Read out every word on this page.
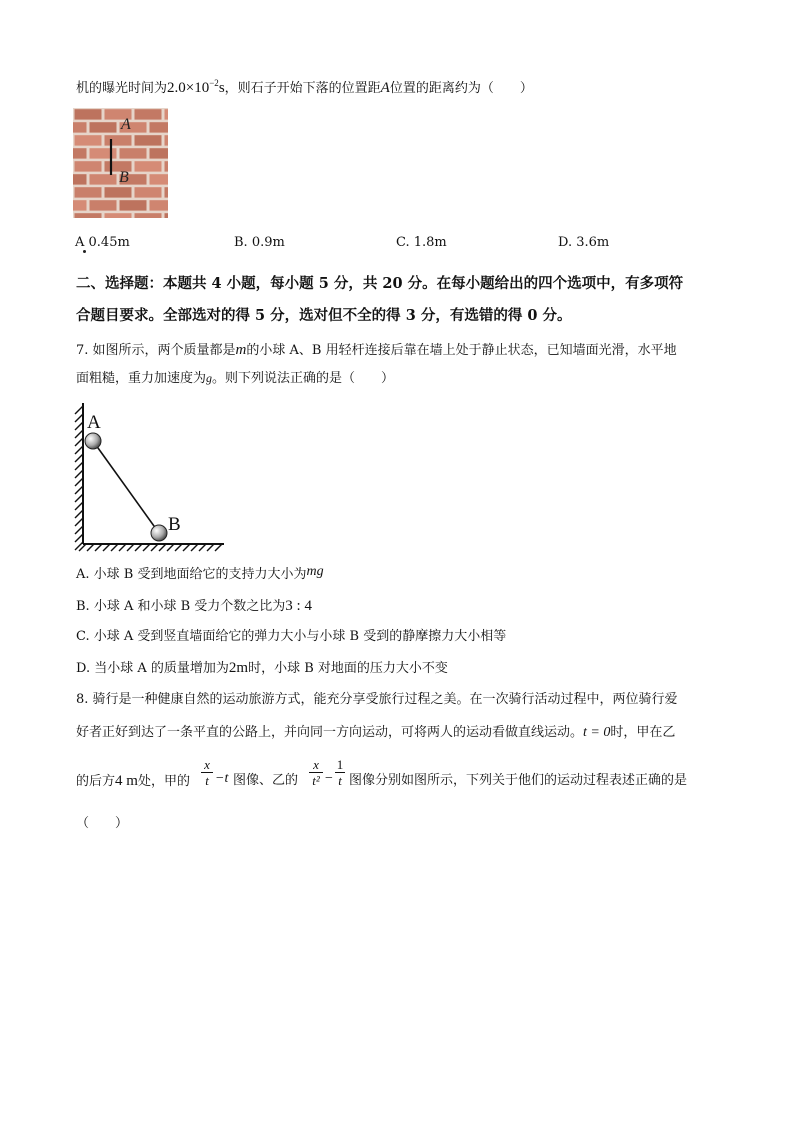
机的曝光时间为$2.0\times 10^{-2}s$，则石子开始下落的位置距A位置的距离约为（　　）
A
B
A 0.45m	B. 0.9m	C. 1.8m	D. 3.6m
二、选择题：本题共 4 小题，每小题 5 分，共 20 分。在每小题给出的四个选项中，有多项符
合题目要求。全部选对的得 5 分，选对但不全的得 3 分，有选错的得 0 分。
7. 如图所示，两个质量都是m的小球 A、B 用轻杆连接后靠在墙上处于静止状态，已知墙面光滑，水平地
面粗糙，重力加速度为g。则下列说法正确的是（　　）
A
B
A. 小球 B 受到地面给它的支持力大小为mg
B. 小球 A 和小球 B 受力个数之比为3 : 4
C. 小球 A 受到竖直墙面给它的弹力大小与小球 B 受到的静摩擦力大小相等
D. 当小球 A 的质量增加为2m时，小球 B 对地面的压力大小不变
8. 骑行是一种健康自然的运动旅游方式，能充分享受旅行过程之美。在一次骑行活动过程中，两位骑行爱
好者正好到达了一条平直的公路上，并向同一方向运动，可将两人的运动看做直线运动。t = 0时，甲在乙
的后方4 m处，甲的
x
t −t 图像、乙的
x
t² −
1
t 图像分别如图所示，下列关于他们的运动过程表述正确的是
（　　）
